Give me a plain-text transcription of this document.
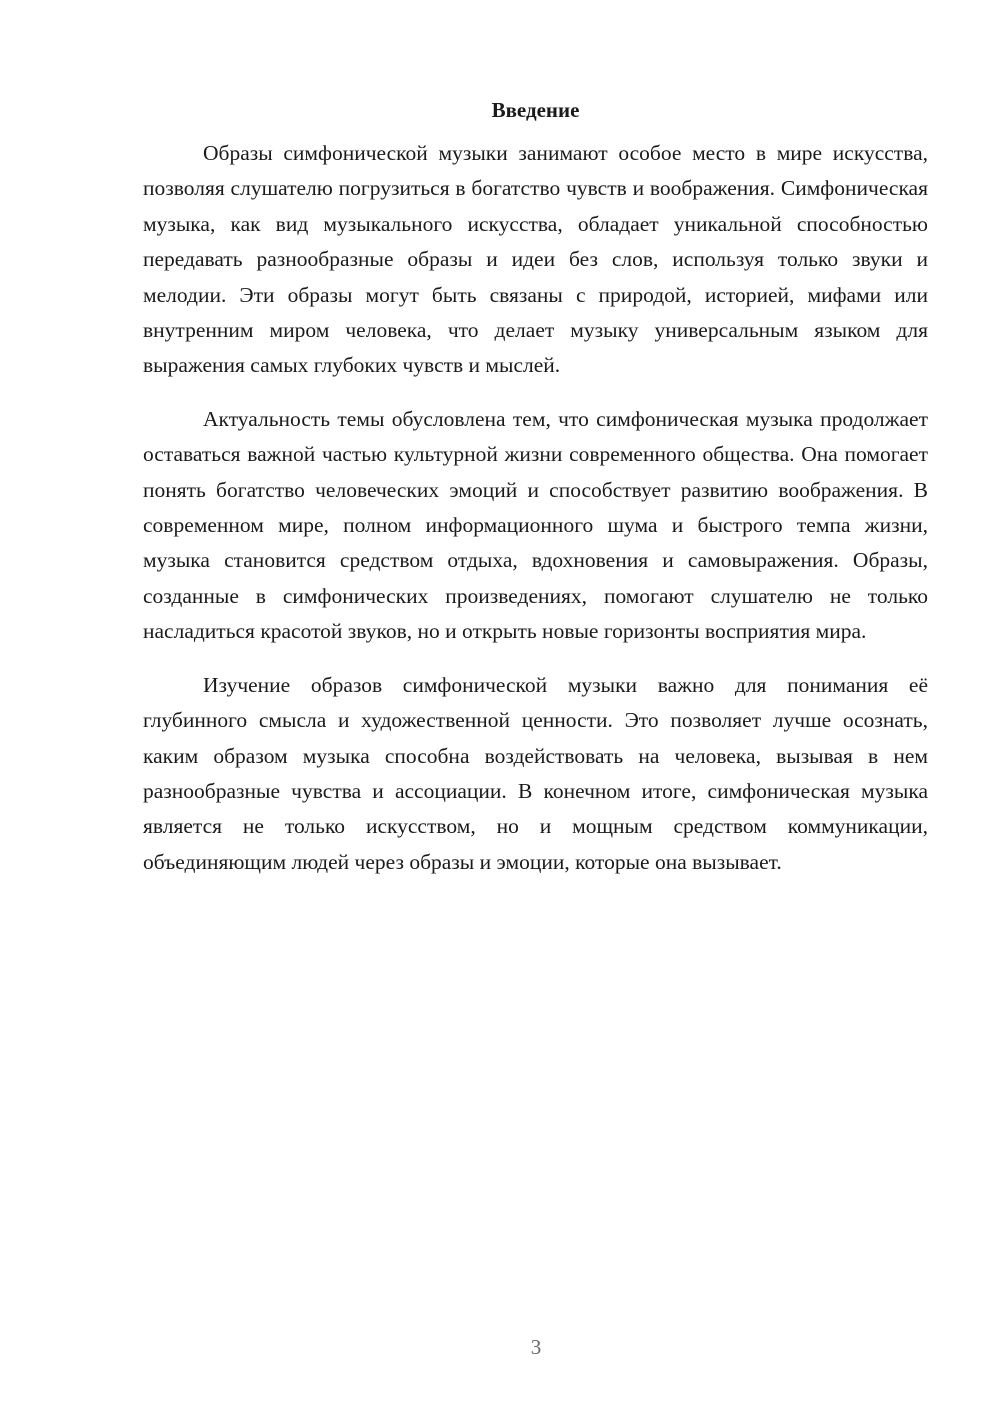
Введение

Образы симфонической музыки занимают особое место в мире искусства, позволяя слушателю погрузиться в богатство чувств и воображения. Симфоническая музыка, как вид музыкального искусства, обладает уникальной способностью передавать разнообразные образы и идеи без слов, используя только звуки и мелодии. Эти образы могут быть связаны с природой, историей, мифами или внутренним миром человека, что делает музыку универсальным языком для выражения самых глубоких чувств и мыслей.

Актуальность темы обусловлена тем, что симфоническая музыка продолжает оставаться важной частью культурной жизни современного общества. Она помогает понять богатство человеческих эмоций и способствует развитию воображения. В современном мире, полном информационного шума и быстрого темпа жизни, музыка становится средством отдыха, вдохновения и самовыражения. Образы, созданные в симфонических произведениях, помогают слушателю не только насладиться красотой звуков, но и открыть новые горизонты восприятия мира.

Изучение образов симфонической музыки важно для понимания её глубинного смысла и художественной ценности. Это позволяет лучше осознать, каким образом музыка способна воздействовать на человека, вызывая в нем разнообразные чувства и ассоциации. В конечном итоге, симфоническая музыка является не только искусством, но и мощным средством коммуникации, объединяющим людей через образы и эмоции, которые она вызывает.

3
